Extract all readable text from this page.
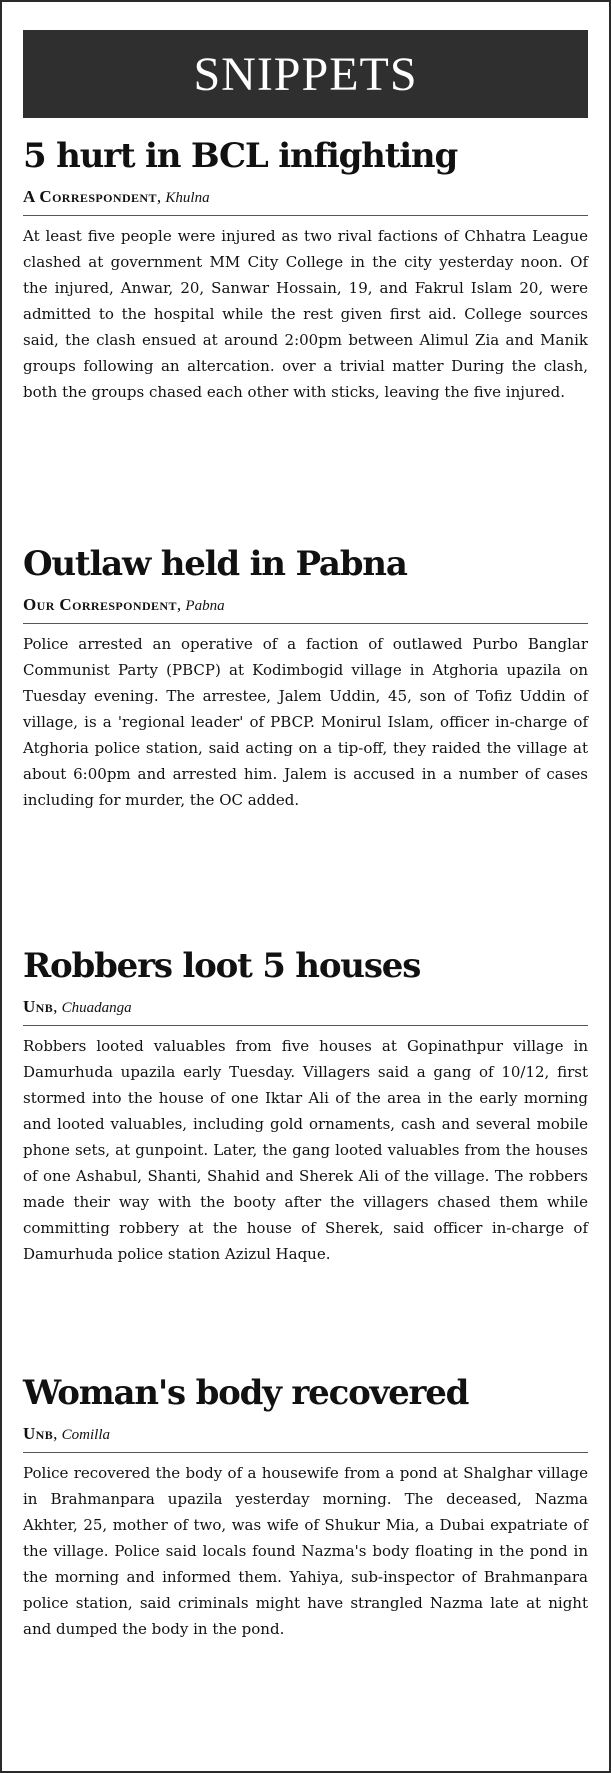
SNIPPETS
5 hurt in BCL infighting
A Correspondent, Khulna

At least five people were injured as two rival factions of Chhatra League clashed at government MM City College in the city yesterday noon. Of the injured, Anwar, 20, Sanwar Hossain, 19, and Fakrul Islam 20, were admitted to the hospital while the rest given first aid. College sources said, the clash ensued at around 2:00pm between Alimul Zia and Manik groups following an altercation. over a trivial matter During the clash, both the groups chased each other with sticks, leaving the five injured.

Outlaw held in Pabna
Our Correspondent, Pabna

Police arrested an operative of a faction of outlawed Purbo Banglar Communist Party (PBCP) at Kodimbogid village in Atghoria upazila on Tuesday evening. The arrestee, Jalem Uddin, 45, son of Tofiz Uddin of village, is a 'regional leader' of PBCP. Monirul Islam, officer in-charge of Atghoria police station, said acting on a tip-off, they raided the village at about 6:00pm and arrested him. Jalem is accused in a number of cases including for murder, the OC added.

Robbers loot 5 houses
Unb, Chuadanga

Robbers looted valuables from five houses at Gopinathpur village in Damurhuda upazila early Tuesday. Villagers said a gang of 10/12, first stormed into the house of one Iktar Ali of the area in the early morning and looted valuables, including gold ornaments, cash and several mobile phone sets, at gunpoint. Later, the gang looted valuables from the houses of one Ashabul, Shanti, Shahid and Sherek Ali of the village. The robbers made their way with the booty after the villagers chased them while committing robbery at the house of Sherek, said officer in-charge of Damurhuda police station Azizul Haque.

Woman's body recovered
Unb, Comilla

Police recovered the body of a housewife from a pond at Shalghar village in Brahmanpara upazila yesterday morning. The deceased, Nazma Akhter, 25, mother of two, was wife of Shukur Mia, a Dubai expatriate of the village. Police said locals found Nazma's body floating in the pond in the morning and informed them. Yahiya, sub-inspector of Brahmanpara police station, said criminals might have strangled Nazma late at night and dumped the body in the pond.
